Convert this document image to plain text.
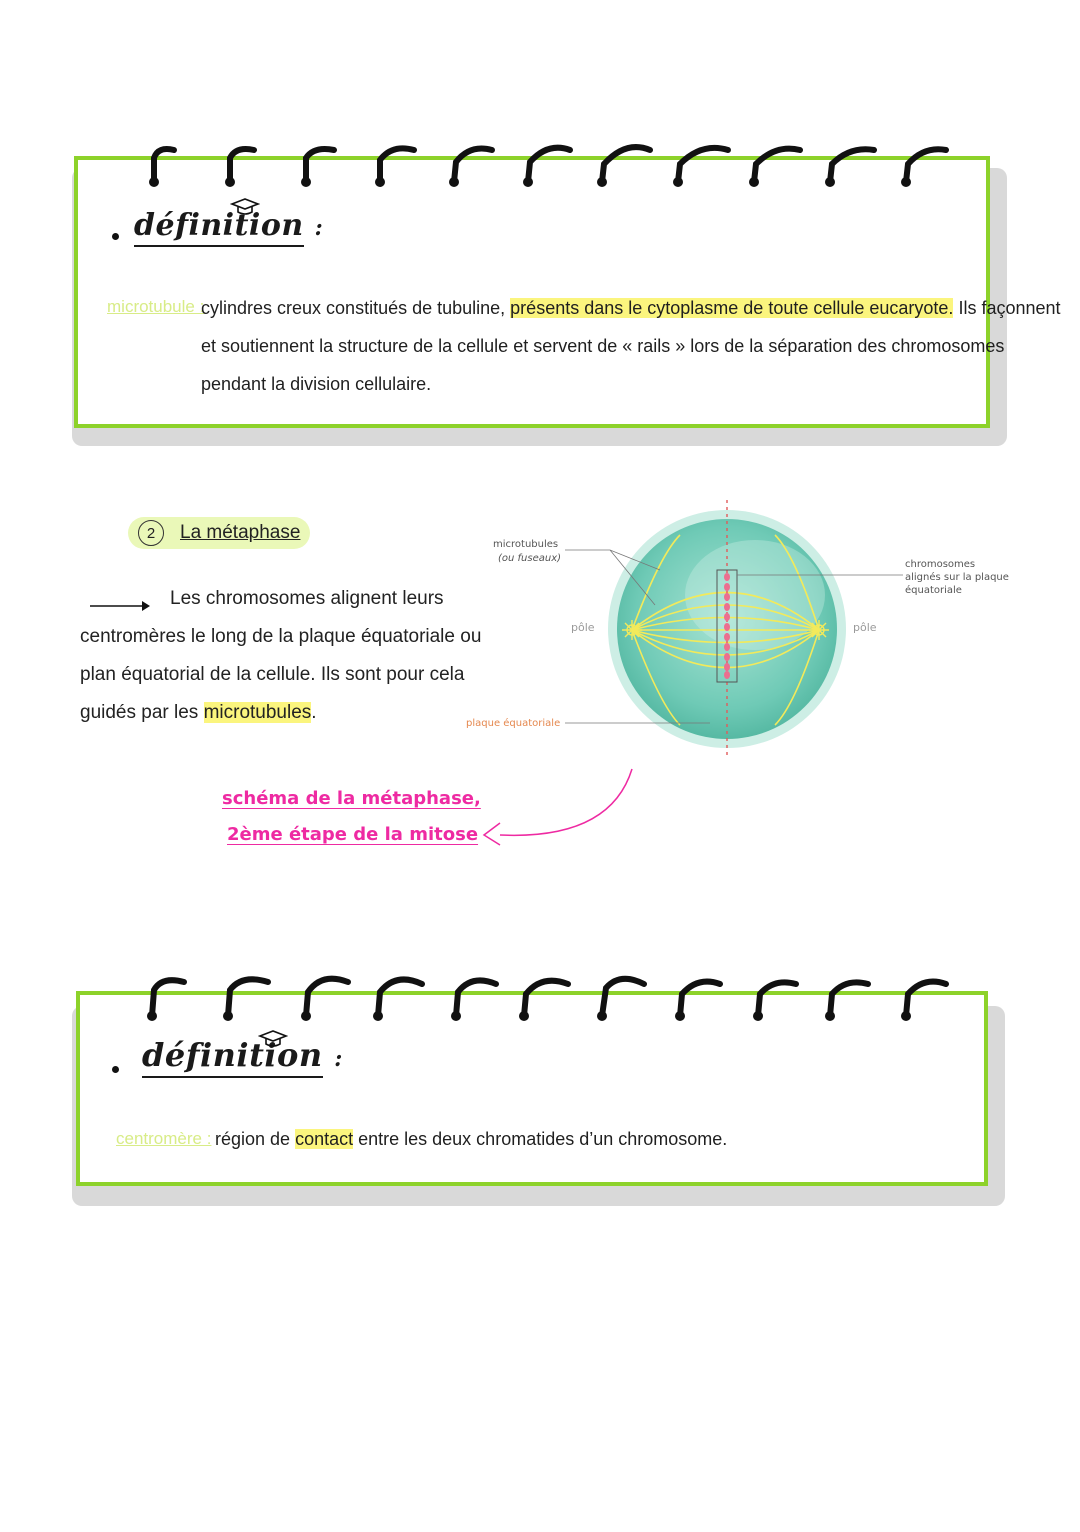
définition :
microtubule :
cylindres creux constitués de tubuline, présents dans le cytoplasme de toute cellule eucaryote. Ils façonnent
et soutiennent la structure de la cellule et servent de « rails » lors de la séparation des chromosomes
pendant la division cellulaire.
2	La métaphase
Les chromosomes alignent leurs
centromères le long de la plaque équatoriale ou
plan équatorial de la cellule. Ils sont pour cela
guidés par les microtubules.
microtubules
(ou fuseaux)
chromosomes
alignés sur la plaque
équatoriale
pôle	pôle
plaque équatoriale
schéma de la métaphase,
2ème étape de la mitose
définition :
centromère : région de contact entre les deux chromatides d’un chromosome.
